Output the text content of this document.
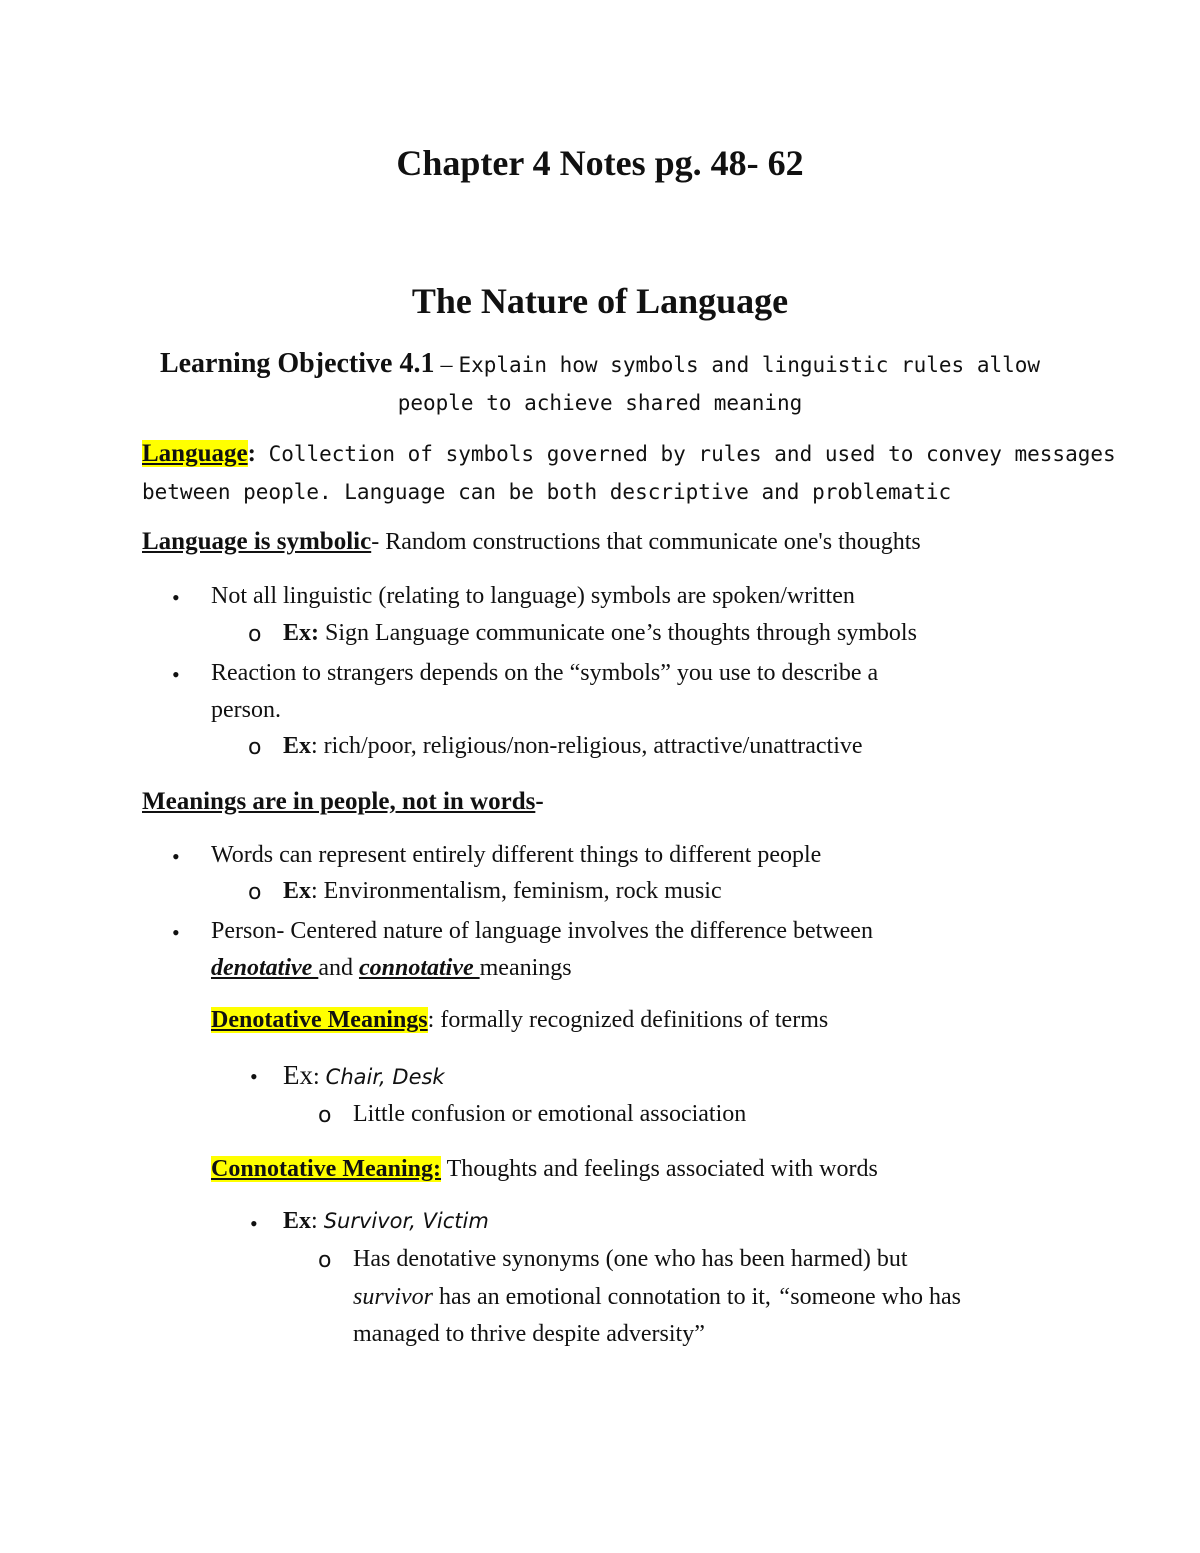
Chapter 4 Notes pg. 48- 62
The Nature of Language
Learning Objective 4.1 – Explain how symbols and linguistic rules allow
people to achieve shared meaning
Language: Collection of symbols governed by rules and used to convey messages
between people. Language can be both descriptive and problematic
Language is symbolic- Random constructions that communicate one's thoughts
• Not all linguistic (relating to language) symbols are spoken/written
o Ex: Sign Language communicate one’s thoughts through symbols
• Reaction to strangers depends on the “symbols” you use to describe a
person.
o Ex: rich/poor, religious/non-religious, attractive/unattractive
Meanings are in people, not in words-
• Words can represent entirely different things to different people
o Ex: Environmentalism, feminism, rock music
• Person- Centered nature of language involves the difference between
denotative and connotative meanings
Denotative Meanings: formally recognized definitions of terms
• Ex: Chair, Desk
o Little confusion or emotional association
Connotative Meaning: Thoughts and feelings associated with words
• Ex: Survivor, Victim
o Has denotative synonyms (one who has been harmed) but
survivor has an emotional connotation to it, “someone who has
managed to thrive despite adversity”
